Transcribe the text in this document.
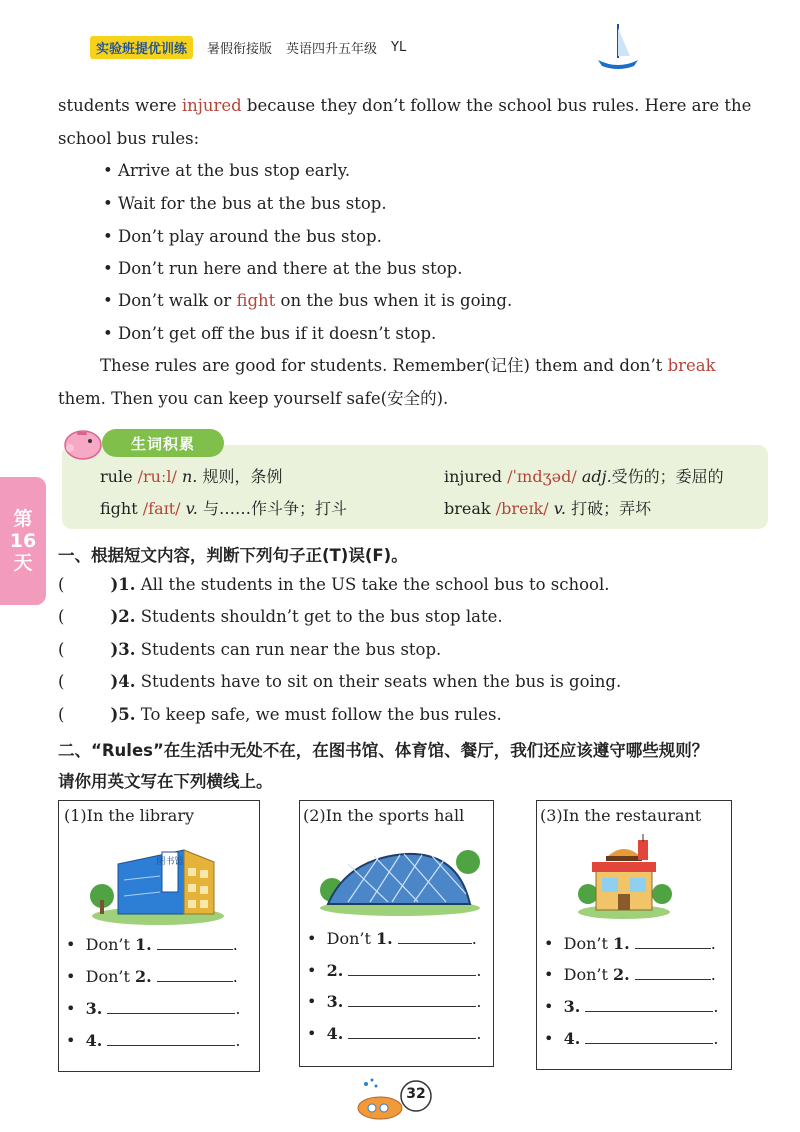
实验班提优训练	暑假衔接版 英语四升五年级 YL
students were injured because they don’t follow the school bus rules. Here are the
school bus rules:
• Arrive at the bus stop early.
• Wait for the bus at the bus stop.
• Don’t play around the bus stop.
• Don’t run here and there at the bus stop.
• Don’t walk or fight on the bus when it is going.
• Don’t get off the bus if it doesn’t stop.
These rules are good for students. Remember(记住) them and don’t break
them. Then you can keep yourself safe(安全的).
生词积累
rule /ruːl/ n. 规则，条例	injured /ˈɪndʒəd/ adj.受伤的；委屈的
fight /faɪt/ v. 与……作斗争；打斗	break /breɪk/ v. 打破；弄坏
第
16
天 一、根据短文内容，判断下列句子正(T)误(F)。
(	)1. All the students in the US take the school bus to school.
(	)2. Students shouldn’t get to the bus stop late.
(	)3. Students can run near the bus stop.
(	)4. Students have to sit on their seats when the bus is going.
(	)5. To keep safe, we must follow the bus rules.
二、“Rules”在生活中无处不在，在图书馆、体育馆、餐厅，我们还应该遵守哪些规则？
请你用英文写在下列横线上。
(1)In the library
图书馆
•  Don’t 1.	.
•  Don’t 2.	.
•  3.	.
•  4.	.
(2)In the sports hall
•  Don’t 1.	.
•  2.	.
•  3.	.
•  4.	.
(3)In the restaurant
•  Don’t 1.	.
•  Don’t 2.	.
•  3.	.
•  4.	.
32
